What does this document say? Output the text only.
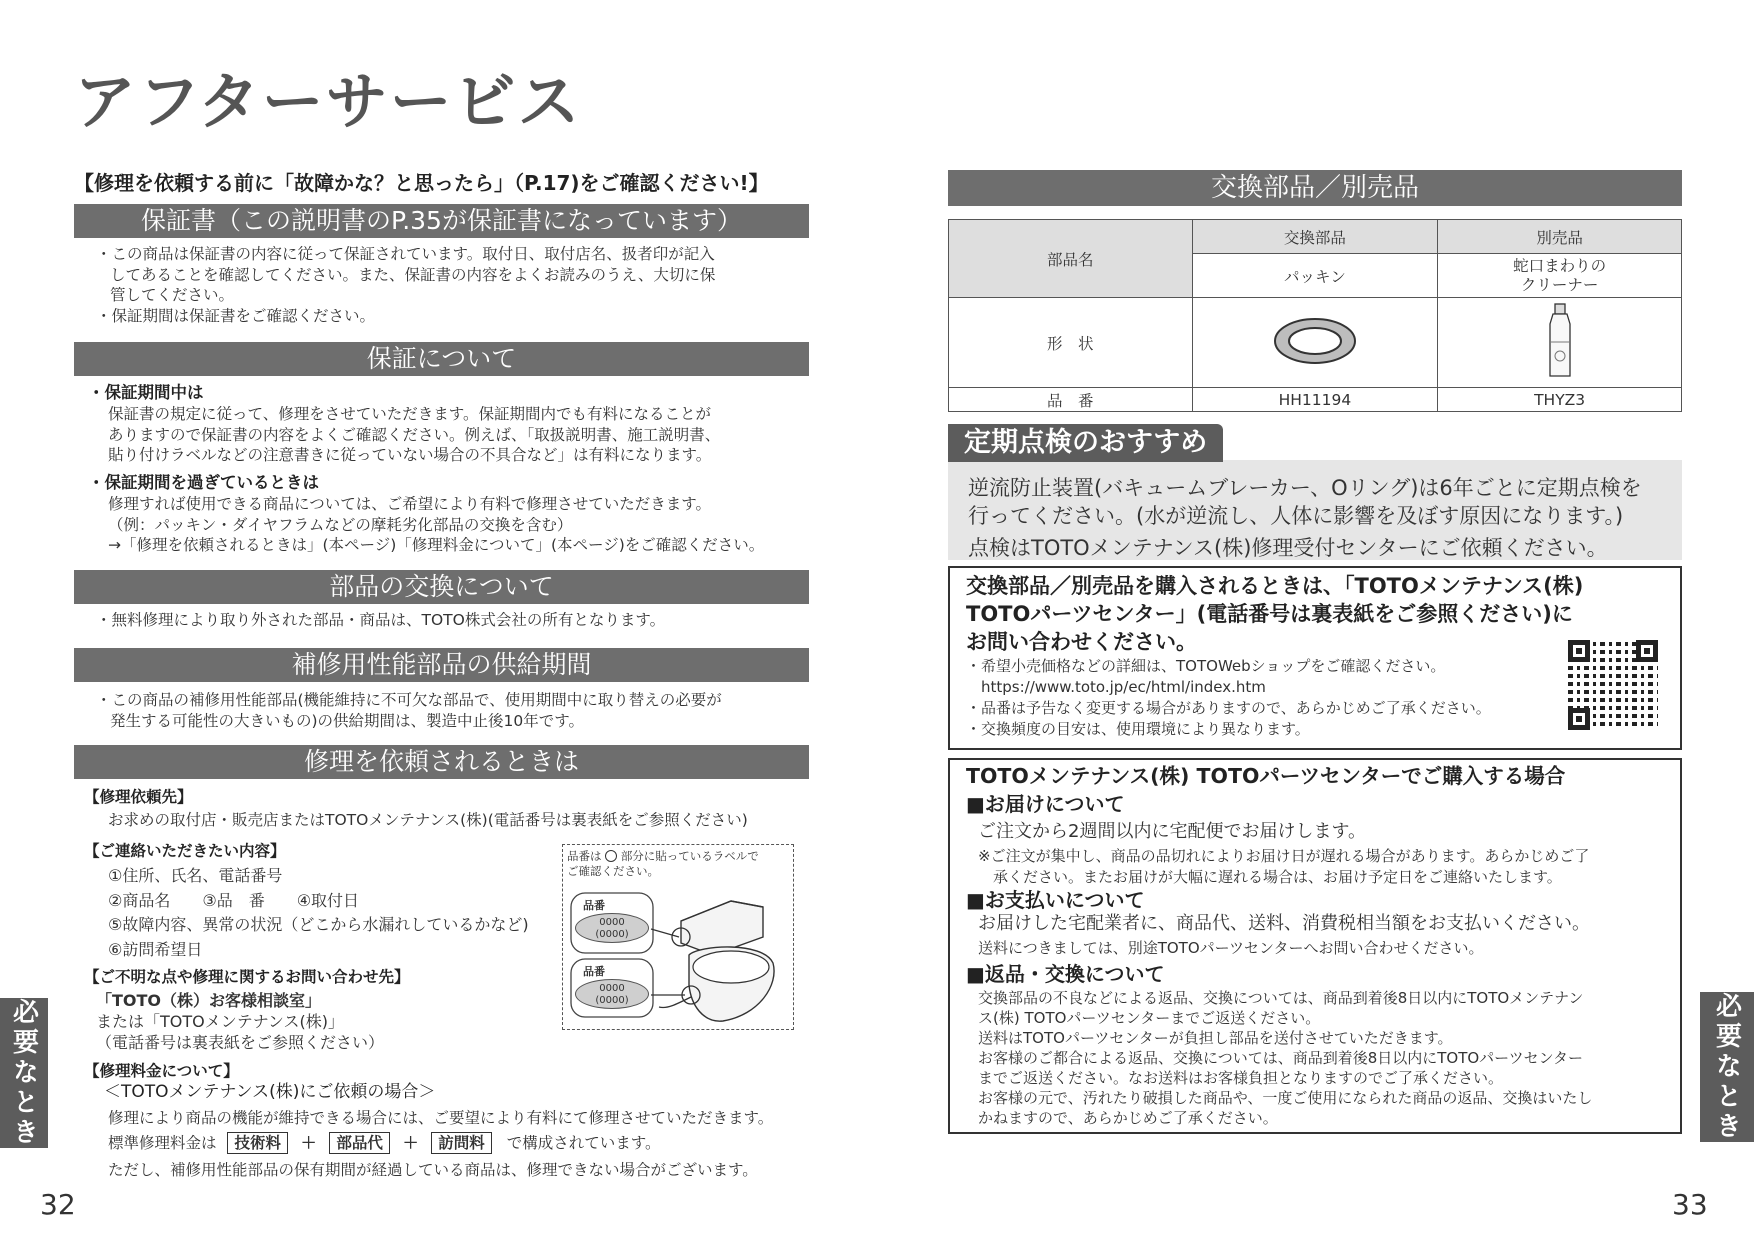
アフターサービス
【修理を依頼する前に「故障かな？と思ったら」（P.17)をご確認ください!】
保証書（この説明書のP.35が保証書になっています）
・この商品は保証書の内容に従って保証されています。取付日、取付店名、扱者印が記入
してあることを確認してください。また、保証書の内容をよくお読みのうえ、大切に保
管してください。
・保証期間は保証書をご確認ください。
保証について
・保証期間中は
保証書の規定に従って、修理をさせていただきます。保証期間内でも有料になることが
ありますので保証書の内容をよくご確認ください。例えば、「取扱説明書、施工説明書、
貼り付けラベルなどの注意書きに従っていない場合の不具合など」は有料になります。
・保証期間を過ぎているときは
修理すれば使用できる商品については、ご希望により有料で修理させていただきます。
（例：パッキン・ダイヤフラムなどの摩耗劣化部品の交換を含む）
→「修理を依頼されるときは」(本ページ)「修理料金について」(本ページ)をご確認ください。
部品の交換について
・無料修理により取り外された部品・商品は、TOTO株式会社の所有となります。
補修用性能部品の供給期間
・この商品の補修用性能部品(機能維持に不可欠な部品で、使用期間中に取り替えの必要が
発生する可能性の大きいもの)の供給期間は、製造中止後10年です。
修理を依頼されるときは
【修理依頼先】
お求めの取付店・販売店またはTOTOメンテナンス(株)(電話番号は裏表紙をご参照ください)
【ご連絡いただきたい内容】
①住所、氏名、電話番号
②商品名　　③品　番　　④取付日
⑤故障内容、異常の状況（どこから水漏れしているかなど)
⑥訪問希望日
【ご不明な点や修理に関するお問い合わせ先】
「TOTO（株）お客様相談室」
または「TOTOメンテナンス(株)」
（電話番号は裏表紙をご参照ください）
【修理料金について】
＜TOTOメンテナンス(株)にご依頼の場合＞
修理により商品の機能が維持できる場合には、ご要望により有料にて修理させていただきます。
標準修理料金は 技術料 ＋ 部品代 ＋ 訪問料 で構成されています。
ただし、補修用性能部品の保有期間が経過している商品は、修理できない場合がございます。
品番は ○ 部分に貼っているラベルで
ご確認ください。
品番
0000
(0000)
品番
0000
(0000)
必要なとき
32
交換部品／別売品
部品名	交換部品	別売品
	パッキン	蛇口まわりの
クリーナー
形　状		
品　番	HH11194	THYZ3
逆流防止装置(バキュームブレーカー、Oリング)は6年ごとに定期点検を
行ってください。(水が逆流し、人体に影響を及ぼす原因になります。)
点検はTOTOメンテナンス(株)修理受付センターにご依頼ください。
定期点検のおすすめ
交換部品／別売品を購入されるときは、「TOTOメンテナンス(株)
TOTOパーツセンター」(電話番号は裏表紙をご参照ください)に
お問い合わせください。
・希望小売価格などの詳細は、TOTOWebショップをご確認ください。
　https://www.toto.jp/ec/html/index.htm
・品番は予告なく変更する場合がありますので、あらかじめご了承ください。
・交換頻度の目安は、使用環境により異なります。
TOTOメンテナンス(株) TOTOパーツセンターでご購入する場合
■お届けについて
ご注文から2週間以内に宅配便でお届けします。
※ご注文が集中し、商品の品切れによりお届け日が遅れる場合があります。あらかじめご了
　承ください。またお届けが大幅に遅れる場合は、お届け予定日をご連絡いたします。
■お支払いについて
お届けした宅配業者に、商品代、送料、消費税相当額をお支払いください。
送料につきましては、別途TOTOパーツセンターへお問い合わせください。
■返品・交換について
交換部品の不良などによる返品、交換については、商品到着後8日以内にTOTOメンテナン
ス(株) TOTOパーツセンターまでご返送ください。
送料はTOTOパーツセンターが負担し部品を送付させていただきます。
お客様のご都合による返品、交換については、商品到着後8日以内にTOTOパーツセンター
までご返送ください。なお送料はお客様負担となりますのでご了承ください。
お客様の元で、汚れたり破損した商品や、一度ご使用になられた商品の返品、交換はいたし
かねますので、あらかじめご了承ください。	必要なとき
33
